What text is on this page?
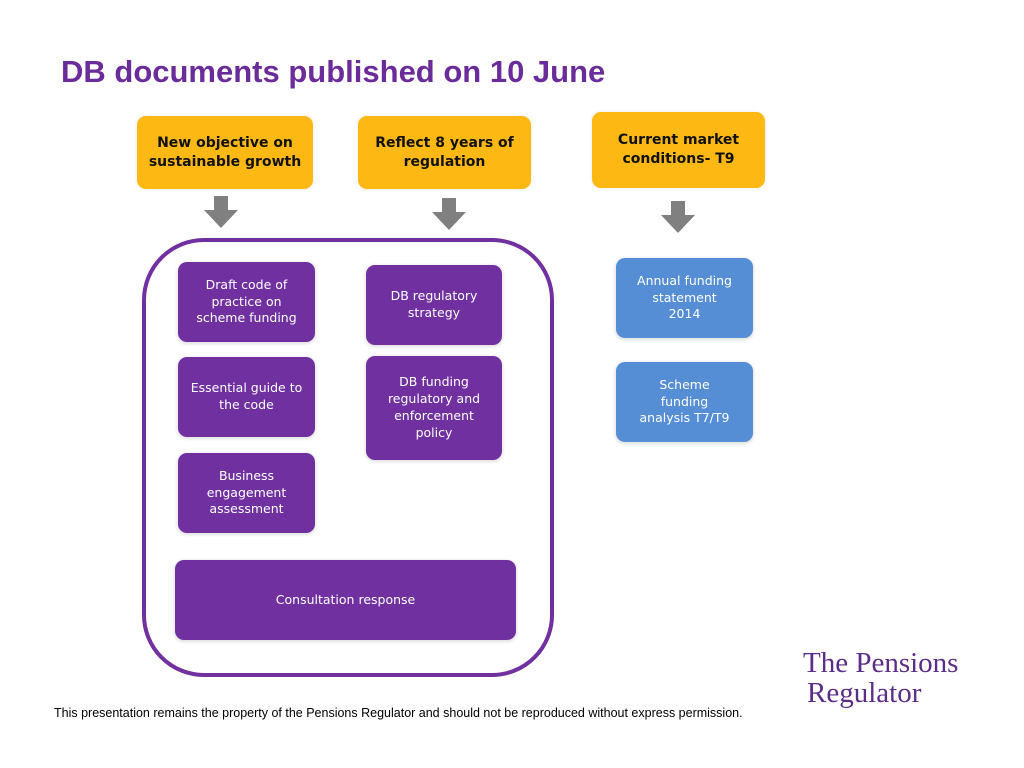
DB documents published on 10 June
New objective on sustainable growth
Reflect 8 years of regulation
Current market conditions- T9
Draft code of practice on scheme funding
DB regulatory strategy
Essential guide to the code
DB funding regulatory and enforcement policy
Business engagement assessment
Consultation response
Annual funding statement 2014
Scheme funding analysis T7/T9
This presentation remains the property of the Pensions Regulator and should not be reproduced without express permission.
The Pensions
Regulator
